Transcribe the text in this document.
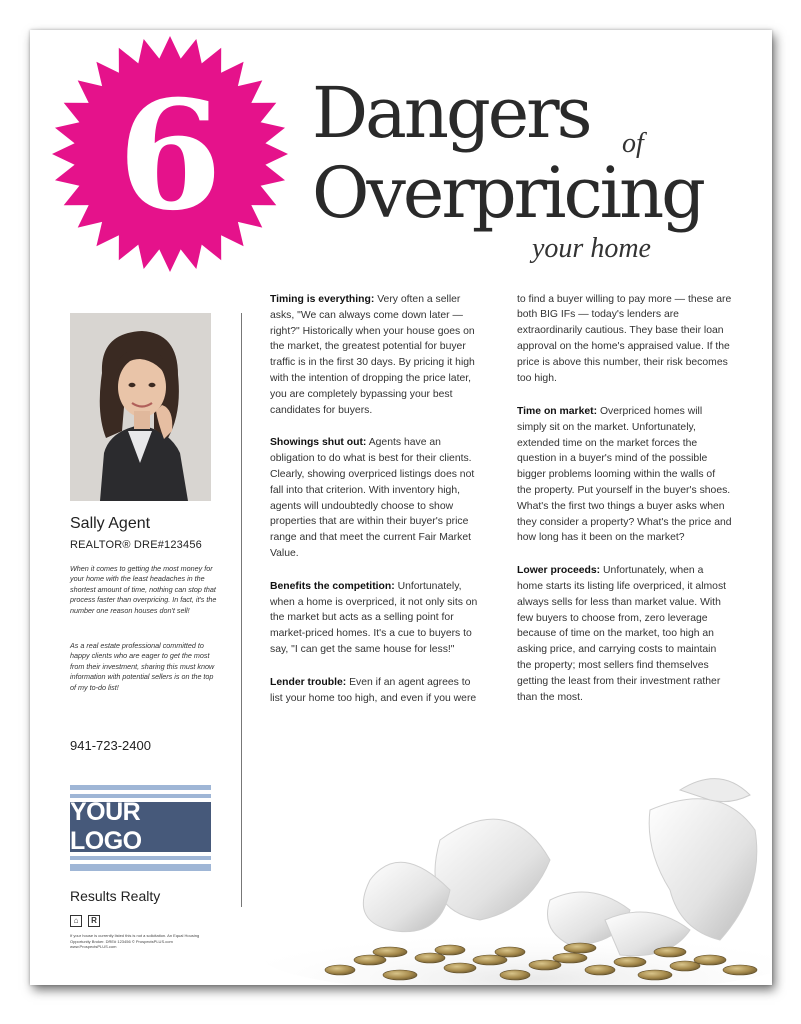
6	Dangers of
Overpricing
your home
Sally Agent
REALTOR® DRE#123456

When it comes to getting the most money for your home with the least headaches in the shortest amount of time, nothing can stop that process faster than overpricing. In fact, it's the number one reason houses don't sell!

As a real estate professional committed to happy clients who are eager to get the most from their investment, sharing this must know information with potential sellers is on the top of my to-do list!

941-723-2400
YOUR LOGO
Results Realty
⌂	R

If your house is currently listed this is not a solicitation. An Equal Housing Opportunity Broker. DRE# 123456 © ProspectsPLUS.com www.ProspectsPLUS.com

Timing is everything: Very often a seller asks, "We can always come down later — right?" Historically when your house goes on the market, the greatest potential for buyer traffic is in the first 30 days. By pricing it high with the intention of dropping the price later, you are completely bypassing your best candidates for buyers.

Showings shut out: Agents have an obligation to do what is best for their clients. Clearly, showing overpriced listings does not fall into that criterion. With inventory high, agents will undoubtedly choose to show properties that are within their buyer's price range and that meet the current Fair Market Value.

Benefits the competition: Unfortunately, when a home is overpriced, it not only sits on the market but acts as a selling point for market-priced homes. It's a cue to buyers to say, "I can get the same house for less!"

Lender trouble: Even if an agent agrees to list your home too high, and even if you were

to find a buyer willing to pay more — these are both BIG IFs — today's lenders are extraordinarily cautious. They base their loan approval on the home's appraised value. If the price is above this number, their risk becomes too high.

Time on market: Overpriced homes will simply sit on the market. Unfortunately, extended time on the market forces the question in a buyer's mind of the possible bigger problems looming within the walls of the property. Put yourself in the buyer's shoes. What's the first two things a buyer asks when they consider a property? What's the price and how long has it been on the market?

Lower proceeds: Unfortunately, when a home starts its listing life overpriced, it almost always sells for less than market value. With few buyers to choose from, zero leverage because of time on the market, too high an asking price, and carrying costs to maintain the property; most sellers find themselves getting the least from their investment rather than the most.
